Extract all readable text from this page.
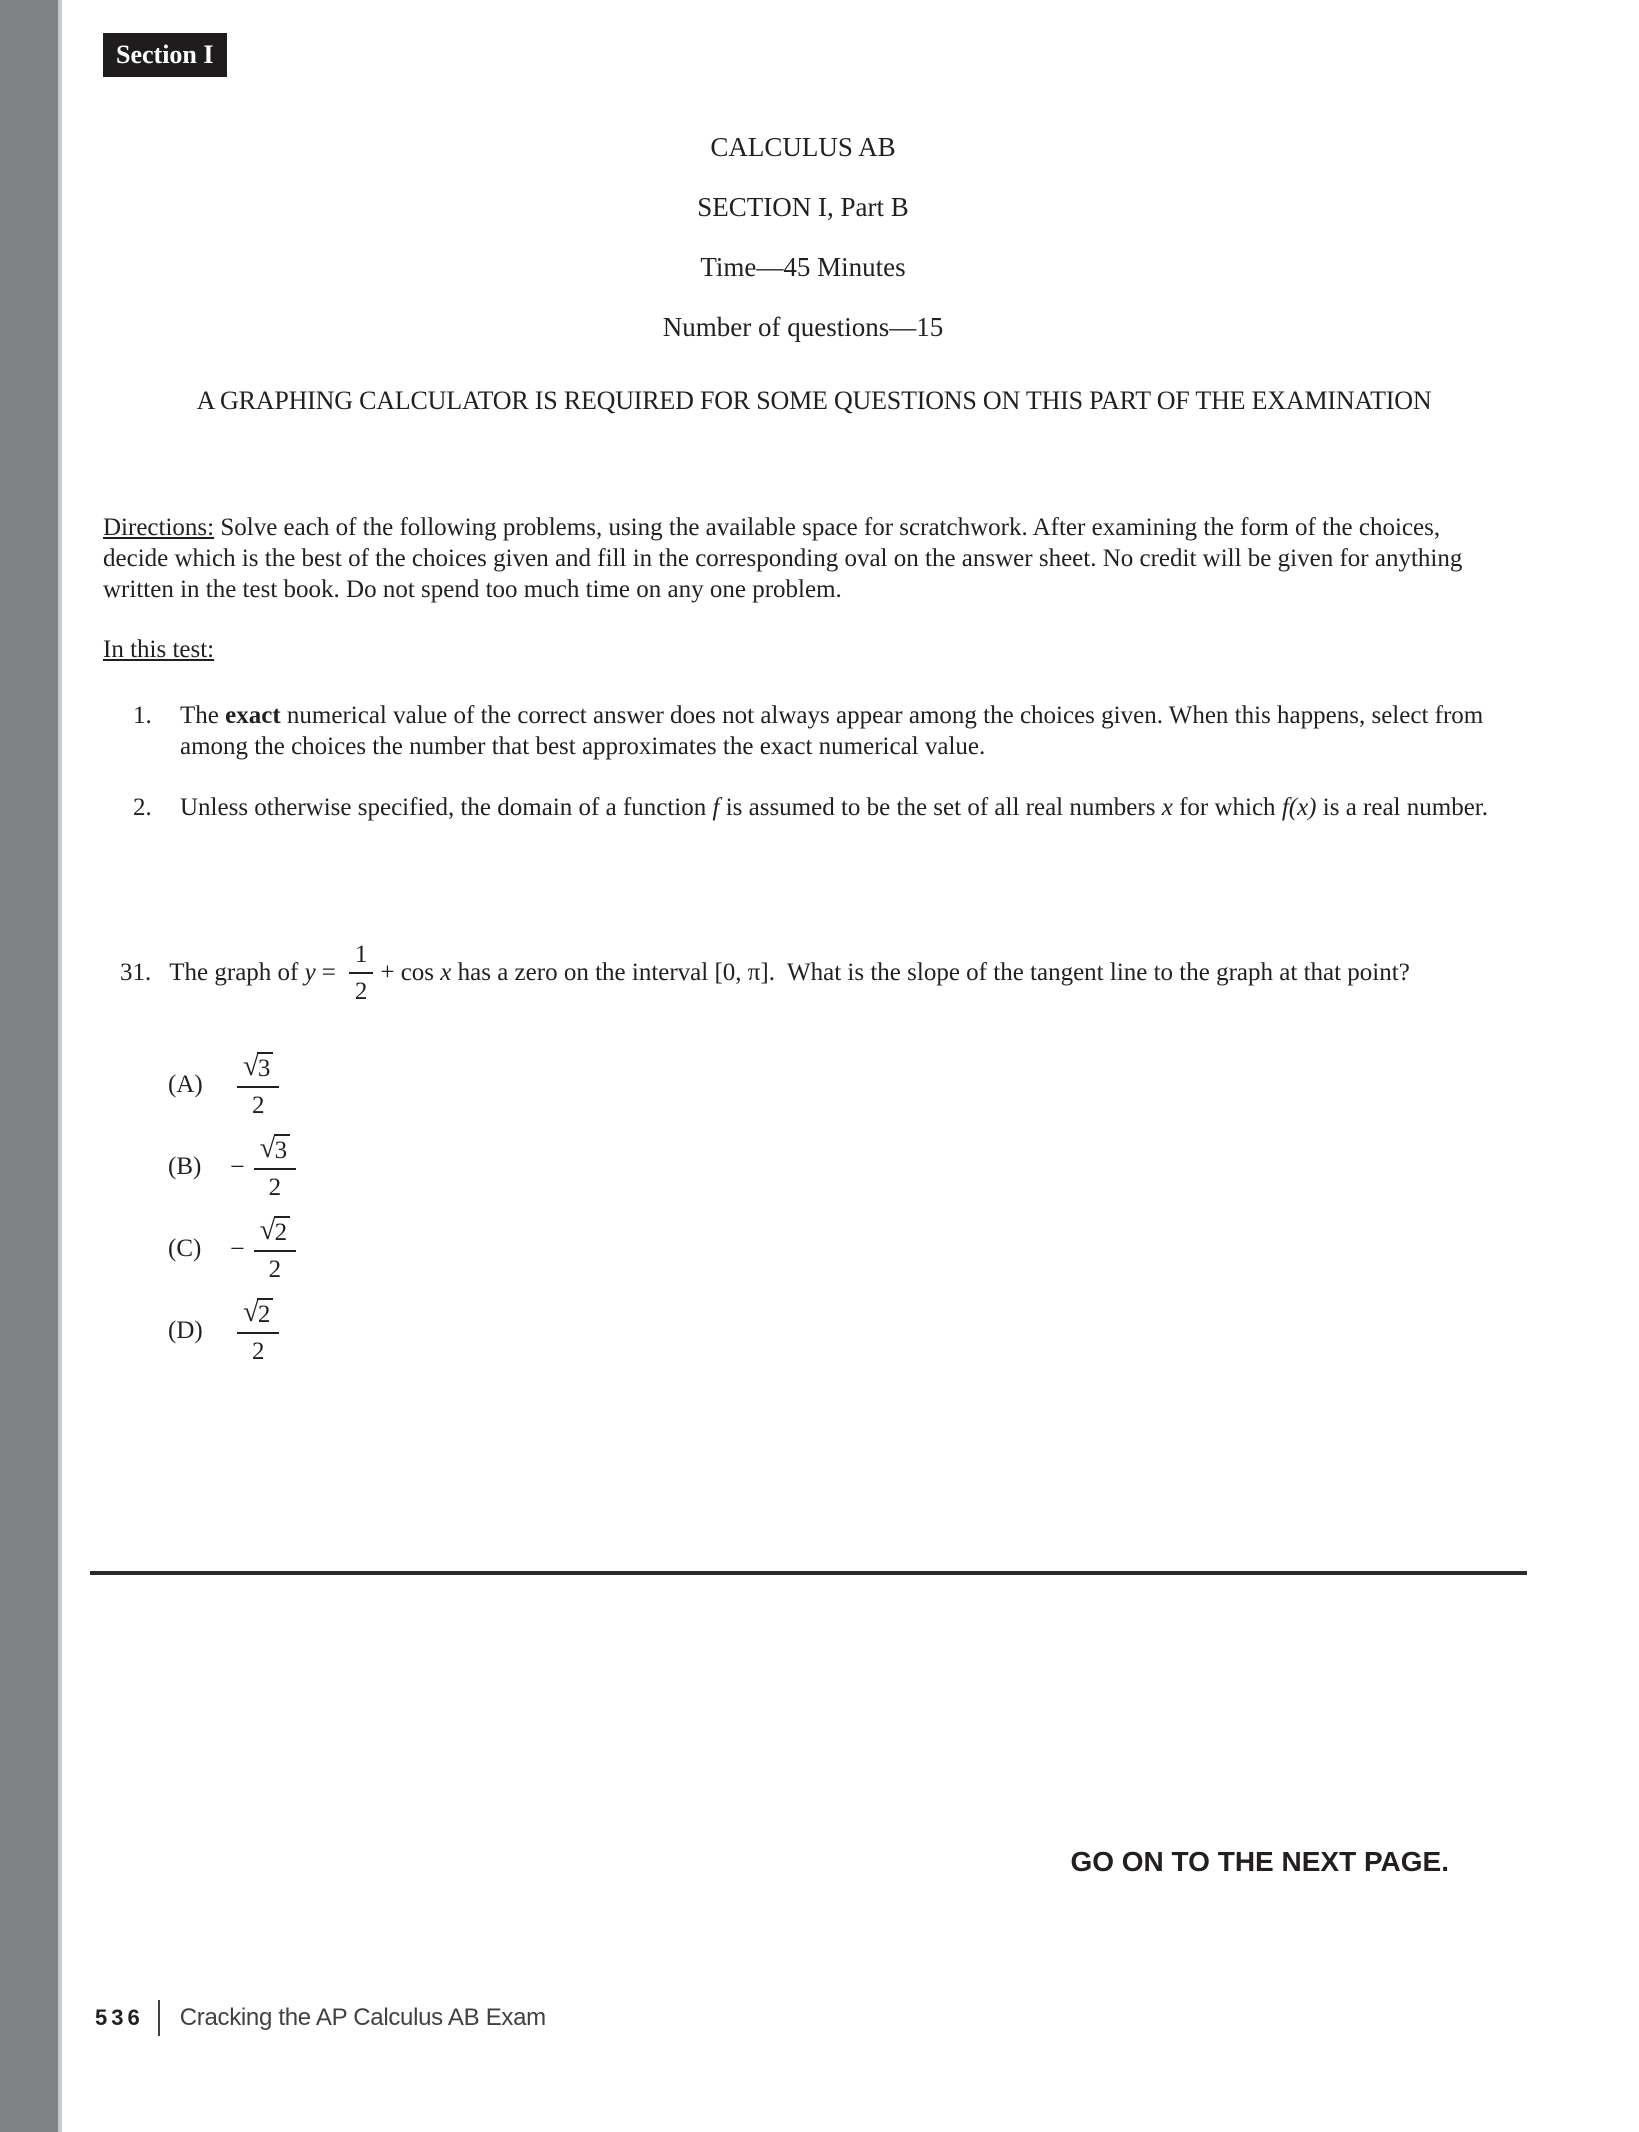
Section I
CALCULUS AB
SECTION I, Part B
Time—45 Minutes
Number of questions—15
A GRAPHING CALCULATOR IS REQUIRED FOR SOME QUESTIONS ON THIS PART OF THE EXAMINATION
Directions: Solve each of the following problems, using the available space for scratchwork. After examining the form of the choices, decide which is the best of the choices given and fill in the corresponding oval on the answer sheet. No credit will be given for anything written in the test book. Do not spend too much time on any one problem.
In this test:
1.	The exact numerical value of the correct answer does not always appear among the choices given. When this happens, select from among the choices the number that best approximates the exact numerical value.
2.	Unless otherwise specified, the domain of a function f is assumed to be the set of all real numbers x for which f(x) is a real number.
31. The graph of $y = \frac{1}{2} + \cos x$ has a zero on the interval [0, π].  What is the slope of the tangent line to the graph at that point?
(A)	$\frac{√ 3}{2}$
(B)	− $\frac{√ 3}{2}$
(C)	− $\frac{√ 2}{2}$
(D)	$\frac{√ 2}{2}$
GO ON TO THE NEXT PAGE.
536 Cracking the AP Calculus AB Exam
